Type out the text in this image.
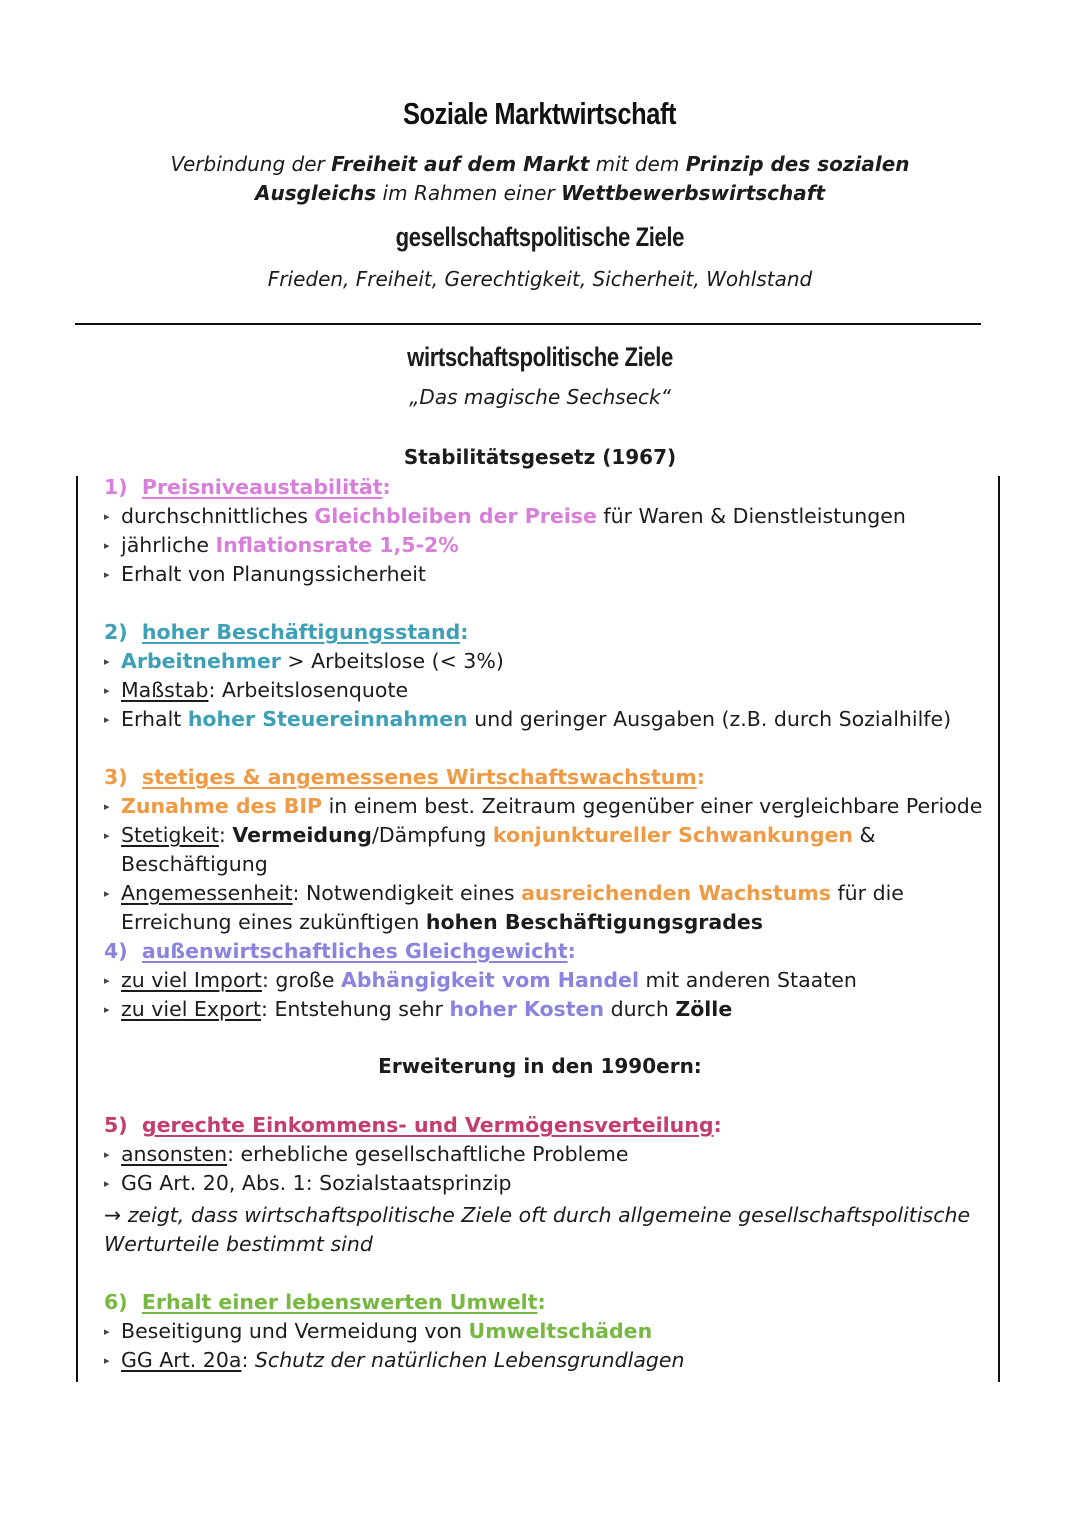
Soziale Marktwirtschaft
Verbindung der Freiheit auf dem Markt mit dem Prinzip des sozialen Ausgleichs im Rahmen einer Wettbewerbswirtschaft
gesellschaftspolitische Ziele
Frieden, Freiheit, Gerechtigkeit, Sicherheit, Wohlstand
wirtschaftspolitische Ziele
„Das magische Sechseck“
Stabilitätsgesetz (1967)
1) Preisniveaustabilität:
▸ durchschnittliches Gleichbleiben der Preise für Waren & Dienstleistungen
▸ jährliche Inflationsrate 1,5-2%
▸ Erhalt von Planungssicherheit
2) hoher Beschäftigungsstand:
▸ Arbeitnehmer > Arbeitslose (< 3%)
▸ Maßstab: Arbeitslosenquote
▸ Erhalt hoher Steuereinnahmen und geringer Ausgaben (z.B. durch Sozialhilfe)
3) stetiges & angemessenes Wirtschaftswachstum:
▸ Zunahme des BIP in einem best. Zeitraum gegenüber einer vergleichbare Periode
▸ Stetigkeit: Vermeidung/Dämpfung konjunktureller Schwankungen & Beschäftigung
▸ Angemessenheit: Notwendigkeit eines ausreichenden Wachstums für die Erreichung eines zukünftigen hohen Beschäftigungsgrades
4) außenwirtschaftliches Gleichgewicht:
▸ zu viel Import: große Abhängigkeit vom Handel mit anderen Staaten
▸ zu viel Export: Entstehung sehr hoher Kosten durch Zölle
Erweiterung in den 1990ern:
5) gerechte Einkommens- und Vermögensverteilung:
▸ ansonsten: erhebliche gesellschaftliche Probleme
▸ GG Art. 20, Abs. 1: Sozialstaatsprinzip
→ zeigt, dass wirtschaftspolitische Ziele oft durch allgemeine gesellschaftspolitische Werturteile bestimmt sind
6) Erhalt einer lebenswerten Umwelt:
▸ Beseitigung und Vermeidung von Umweltschäden
▸ GG Art. 20a: Schutz der natürlichen Lebensgrundlagen
